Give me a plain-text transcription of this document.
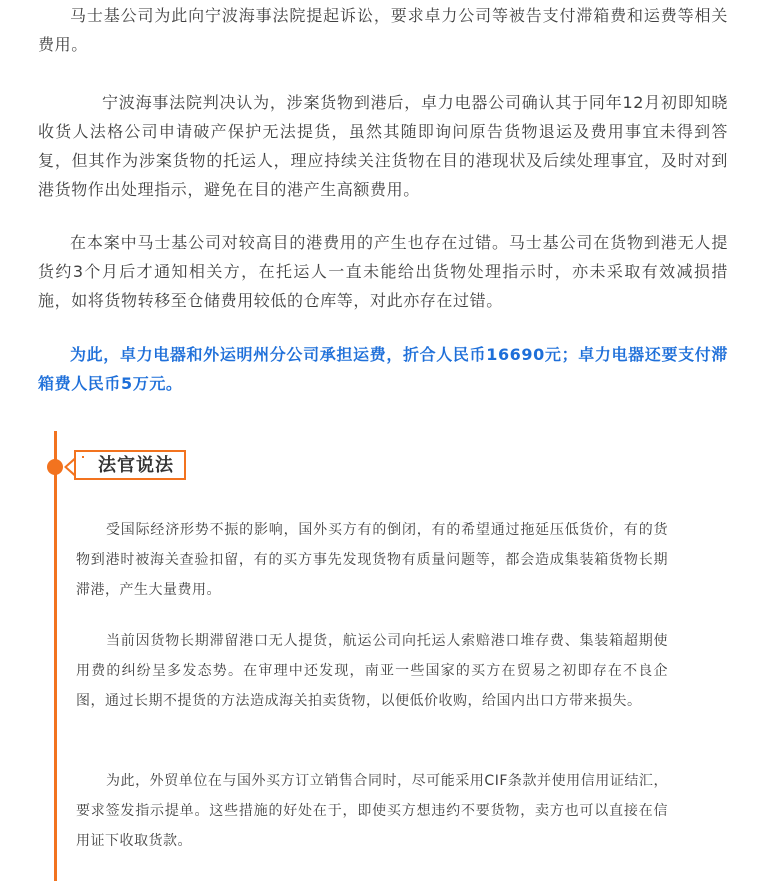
马士基公司为此向宁波海事法院提起诉讼，要求卓力公司等被告支付滞箱费和运费等相关费用。

宁波海事法院判决认为，涉案货物到港后，卓力电器公司确认其于同年12月初即知晓收货人法格公司申请破产保护无法提货，虽然其随即询问原告货物退运及费用事宜未得到答复，但其作为涉案货物的托运人，理应持续关注货物在目的港现状及后续处理事宜，及时对到港货物作出处理指示，避免在目的港产生高额费用。

在本案中马士基公司对较高目的港费用的产生也存在过错。马士基公司在货物到港无人提货约3个月后才通知相关方，在托运人一直未能给出货物处理指示时，亦未采取有效减损措施，如将货物转移至仓储费用较低的仓库等，对此亦存在过错。

为此，卓力电器和外运明州分公司承担运费，折合人民币16690元；卓力电器还要支付滞箱费人民币5万元。

法官说法

受国际经济形势不振的影响，国外买方有的倒闭，有的希望通过拖延压低货价，有的货物到港时被海关查验扣留，有的买方事先发现货物有质量问题等，都会造成集装箱货物长期滞港，产生大量费用。

当前因货物长期滞留港口无人提货，航运公司向托运人索赔港口堆存费、集装箱超期使用费的纠纷呈多发态势。在审理中还发现，南亚一些国家的买方在贸易之初即存在不良企图，通过长期不提货的方法造成海关拍卖货物，以便低价收购，给国内出口方带来损失。

为此，外贸单位在与国外买方订立销售合同时，尽可能采用CIF条款并使用信用证结汇，要求签发指示提单。这些措施的好处在于，即使买方想违约不要货物，卖方也可以直接在信用证下收取货款。
